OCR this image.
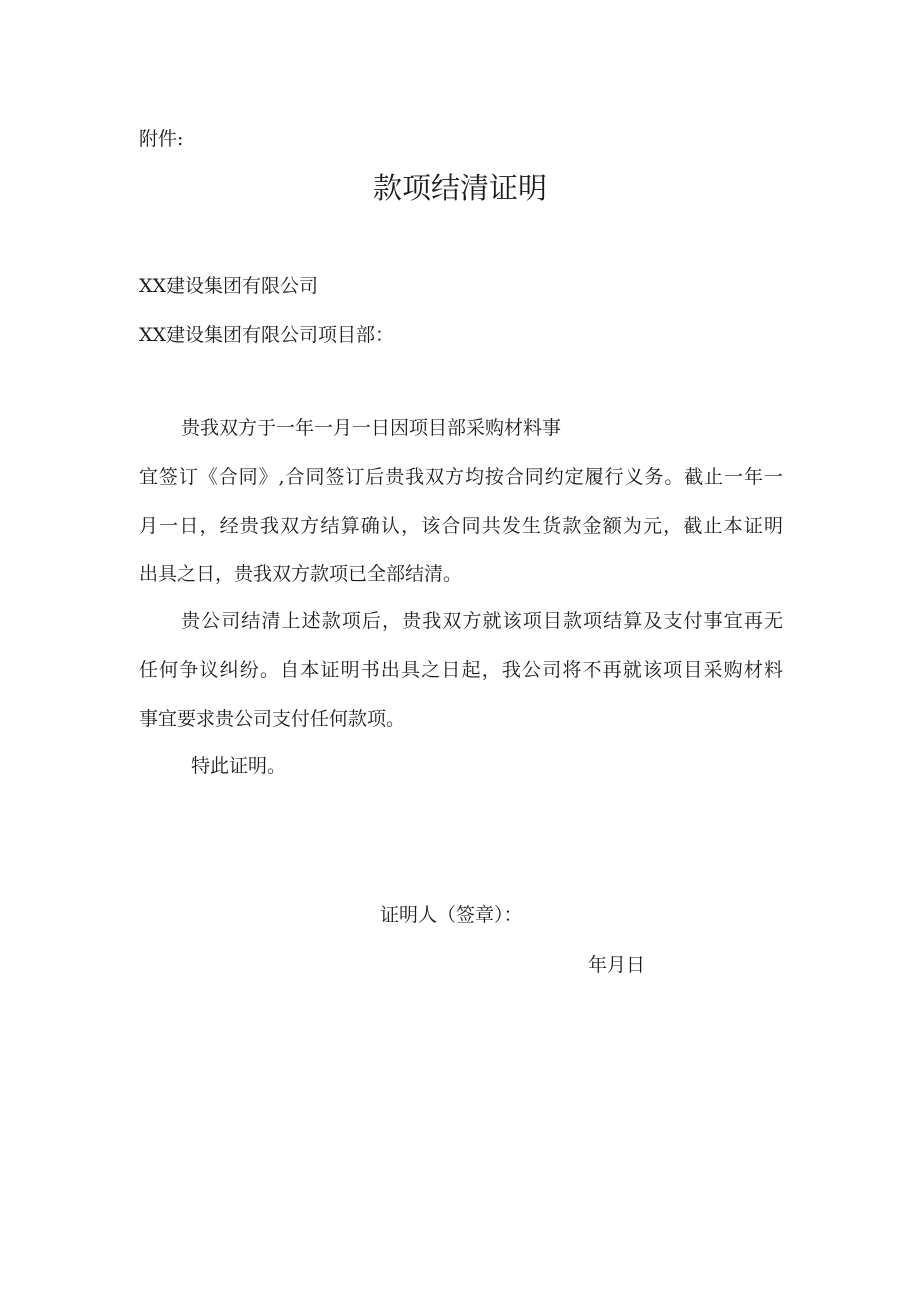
附件:
款项结清证明
XX建设集团有限公司
XX建设集团有限公司项目部：
贵我双方于一年一月一日因项目部采购材料事
宜签订《合同》,合同签订后贵我双方均按合同约定履行义务。截止一年一
月一日，经贵我双方结算确认，该合同共发生货款金额为元，截止本证明
出具之日，贵我双方款项已全部结清。
贵公司结清上述款项后，贵我双方就该项目款项结算及支付事宜再无
任何争议纠纷。自本证明书出具之日起，我公司将不再就该项目采购材料
事宜要求贵公司支付任何款项。
特此证明。
证明人（签章）：
年月日
